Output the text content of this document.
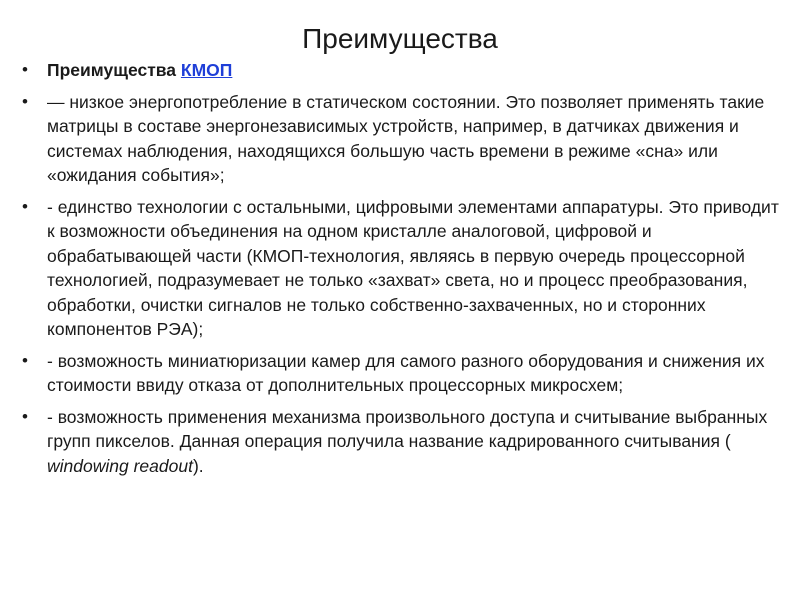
Преимущества
• Преимущества КМОП
• — низкое энергопотребление в статическом состоянии. Это позволяет применять такие матрицы в составе энергонезависимых устройств, например, в датчиках движения и системах наблюдения, находящихся большую часть времени в режиме «сна» или «ожидания события»;
• - единство технологии с остальными, цифровыми элементами аппаратуры. Это приводит к возможности объединения на одном кристалле аналоговой, цифровой и обрабатывающей части (КМОП-технология, являясь в первую очередь процессорной технологией, подразумевает не только «захват» света, но и процесс преобразования, обработки, очистки сигналов не только собственно-захваченных, но и сторонних компонентов РЭА);
• - возможность миниатюризации камер для самого разного оборудования и снижения их стоимости ввиду отказа от дополнительных процессорных микросхем;
• - возможность применения механизма произвольного доступа и считывание выбранных групп пикселов. Данная операция получила название кадрированного считывания ( windowing readout).
